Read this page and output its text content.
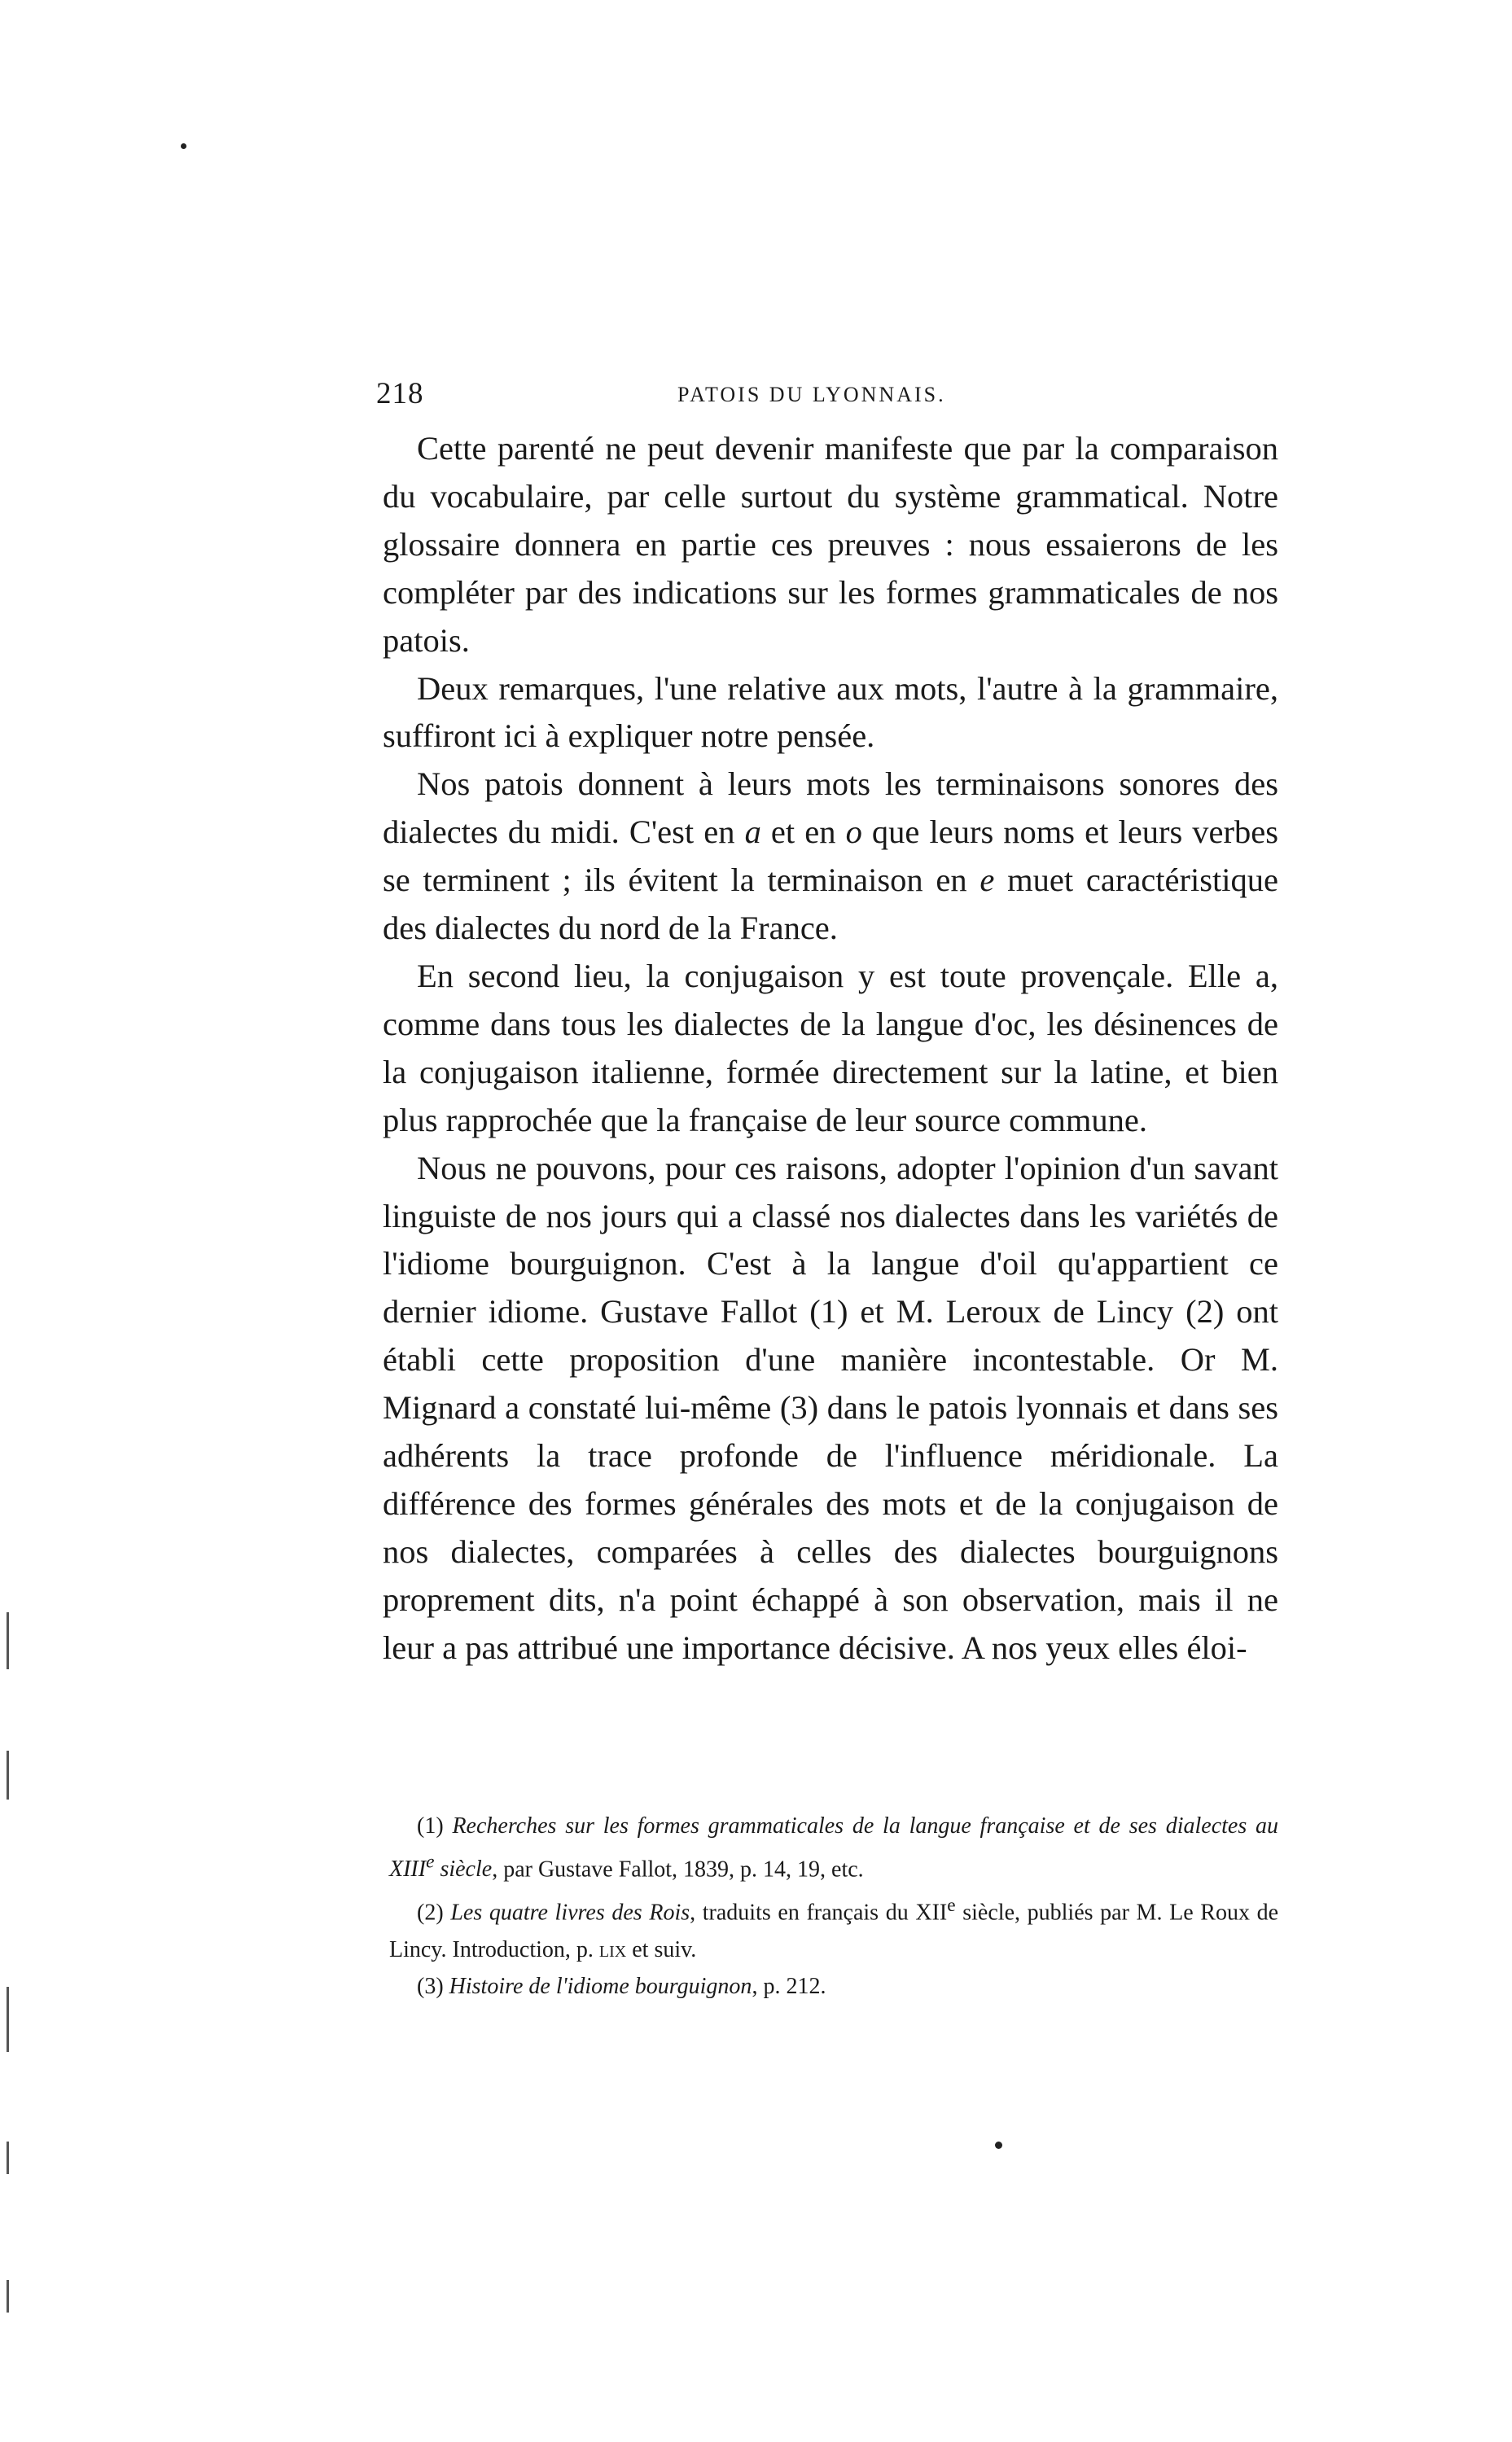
218	PATOIS DU LYONNAIS.

Cette parenté ne peut devenir manifeste que par la comparaison du vocabulaire, par celle surtout du système grammatical. Notre glossaire donnera en partie ces preuves : nous essaierons de les compléter par des indications sur les formes grammaticales de nos patois.

Deux remarques, l'une relative aux mots, l'autre à la grammaire, suffiront ici à expliquer notre pensée.

Nos patois donnent à leurs mots les terminaisons sonores des dialectes du midi. C'est en a et en o que leurs noms et leurs verbes se terminent ; ils évitent la terminaison en e muet caractéristique des dialectes du nord de la France.

En second lieu, la conjugaison y est toute provençale. Elle a, comme dans tous les dialectes de la langue d'oc, les désinences de la conjugaison italienne, formée directement sur la latine, et bien plus rapprochée que la française de leur source commune.

Nous ne pouvons, pour ces raisons, adopter l'opinion d'un savant linguiste de nos jours qui a classé nos dialectes dans les variétés de l'idiome bourguignon. C'est à la langue d'oil qu'appartient ce dernier idiome. Gustave Fallot (1) et M. Leroux de Lincy (2) ont établi cette proposition d'une manière incontestable. Or M. Mignard a constaté lui-même (3) dans le patois lyonnais et dans ses adhérents la trace profonde de l'influence méridionale. La différence des formes générales des mots et de la conjugaison de nos dialectes, comparées à celles des dialectes bourguignons proprement dits, n'a point échappé à son observation, mais il ne leur a pas attribué une importance décisive. A nos yeux elles éloi-

(1) Recherches sur les formes grammaticales de la langue française et de ses dialectes au XIIIe siècle, par Gustave Fallot, 1839, p. 14, 19, etc.

(2) Les quatre livres des Rois, traduits en français du XIIe siècle, publiés par M. Le Roux de Lincy. Introduction, p. lix et suiv.

(3) Histoire de l'idiome bourguignon, p. 212.
